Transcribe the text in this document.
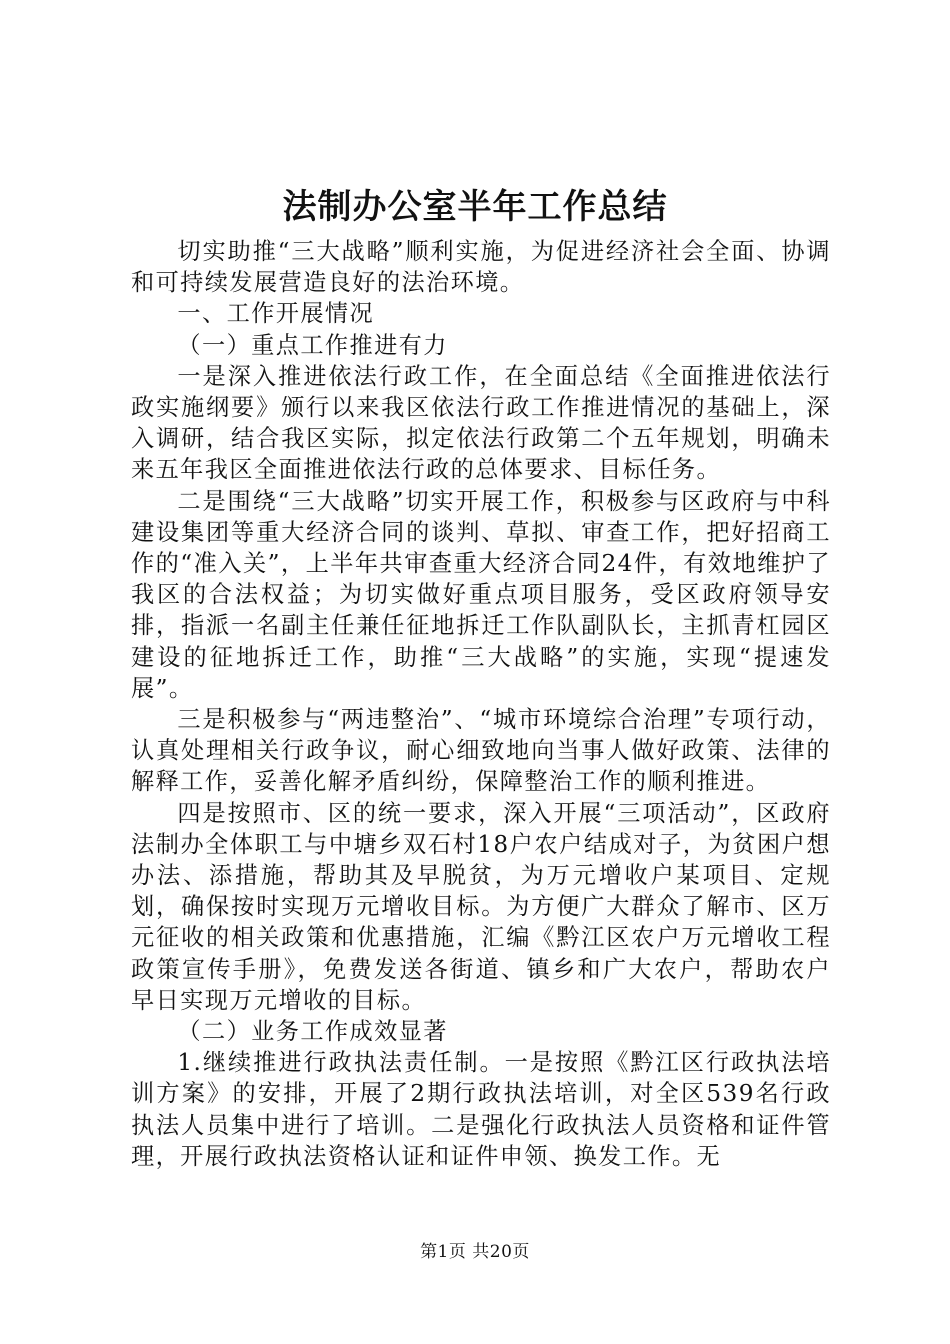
法制办公室半年工作总结

切实助推“三大战略”顺利实施，为促进经济社会全面、协调和可持续发展营造良好的法治环境。

一、工作开展情况

（一）重点工作推进有力

一是深入推进依法行政工作，在全面总结《全面推进依法行政实施纲要》颁行以来我区依法行政工作推进情况的基础上，深入调研，结合我区实际，拟定依法行政第二个五年规划，明确未来五年我区全面推进依法行政的总体要求、目标任务。

二是围绕“三大战略”切实开展工作，积极参与区政府与中科建设集团等重大经济合同的谈判、草拟、审查工作，把好招商工作的“准入关”，上半年共审查重大经济合同24件，有效地维护了我区的合法权益；为切实做好重点项目服务，受区政府领导安排，指派一名副主任兼任征地拆迁工作队副队长，主抓青杠园区建设的征地拆迁工作，助推“三大战略”的实施，实现“提速发展”。

三是积极参与“两违整治”、“城市环境综合治理”专项行动，认真处理相关行政争议，耐心细致地向当事人做好政策、法律的解释工作，妥善化解矛盾纠纷，保障整治工作的顺利推进。

四是按照市、区的统一要求，深入开展“三项活动”，区政府法制办全体职工与中塘乡双石村18户农户结成对子，为贫困户想办法、添措施，帮助其及早脱贫，为万元增收户某项目、定规划，确保按时实现万元增收目标。为方便广大群众了解市、区万元征收的相关政策和优惠措施，汇编《黔江区农户万元增收工程政策宣传手册》，免费发送各街道、镇乡和广大农户，帮助农户早日实现万元增收的目标。

（二）业务工作成效显著

1.继续推进行政执法责任制。一是按照《黔江区行政执法培训方案》的安排，开展了2期行政执法培训，对全区539名行政执法人员集中进行了培训。二是强化行政执法人员资格和证件管理，开展行政执法资格认证和证件申领、换发工作。无

第1页 共20页
